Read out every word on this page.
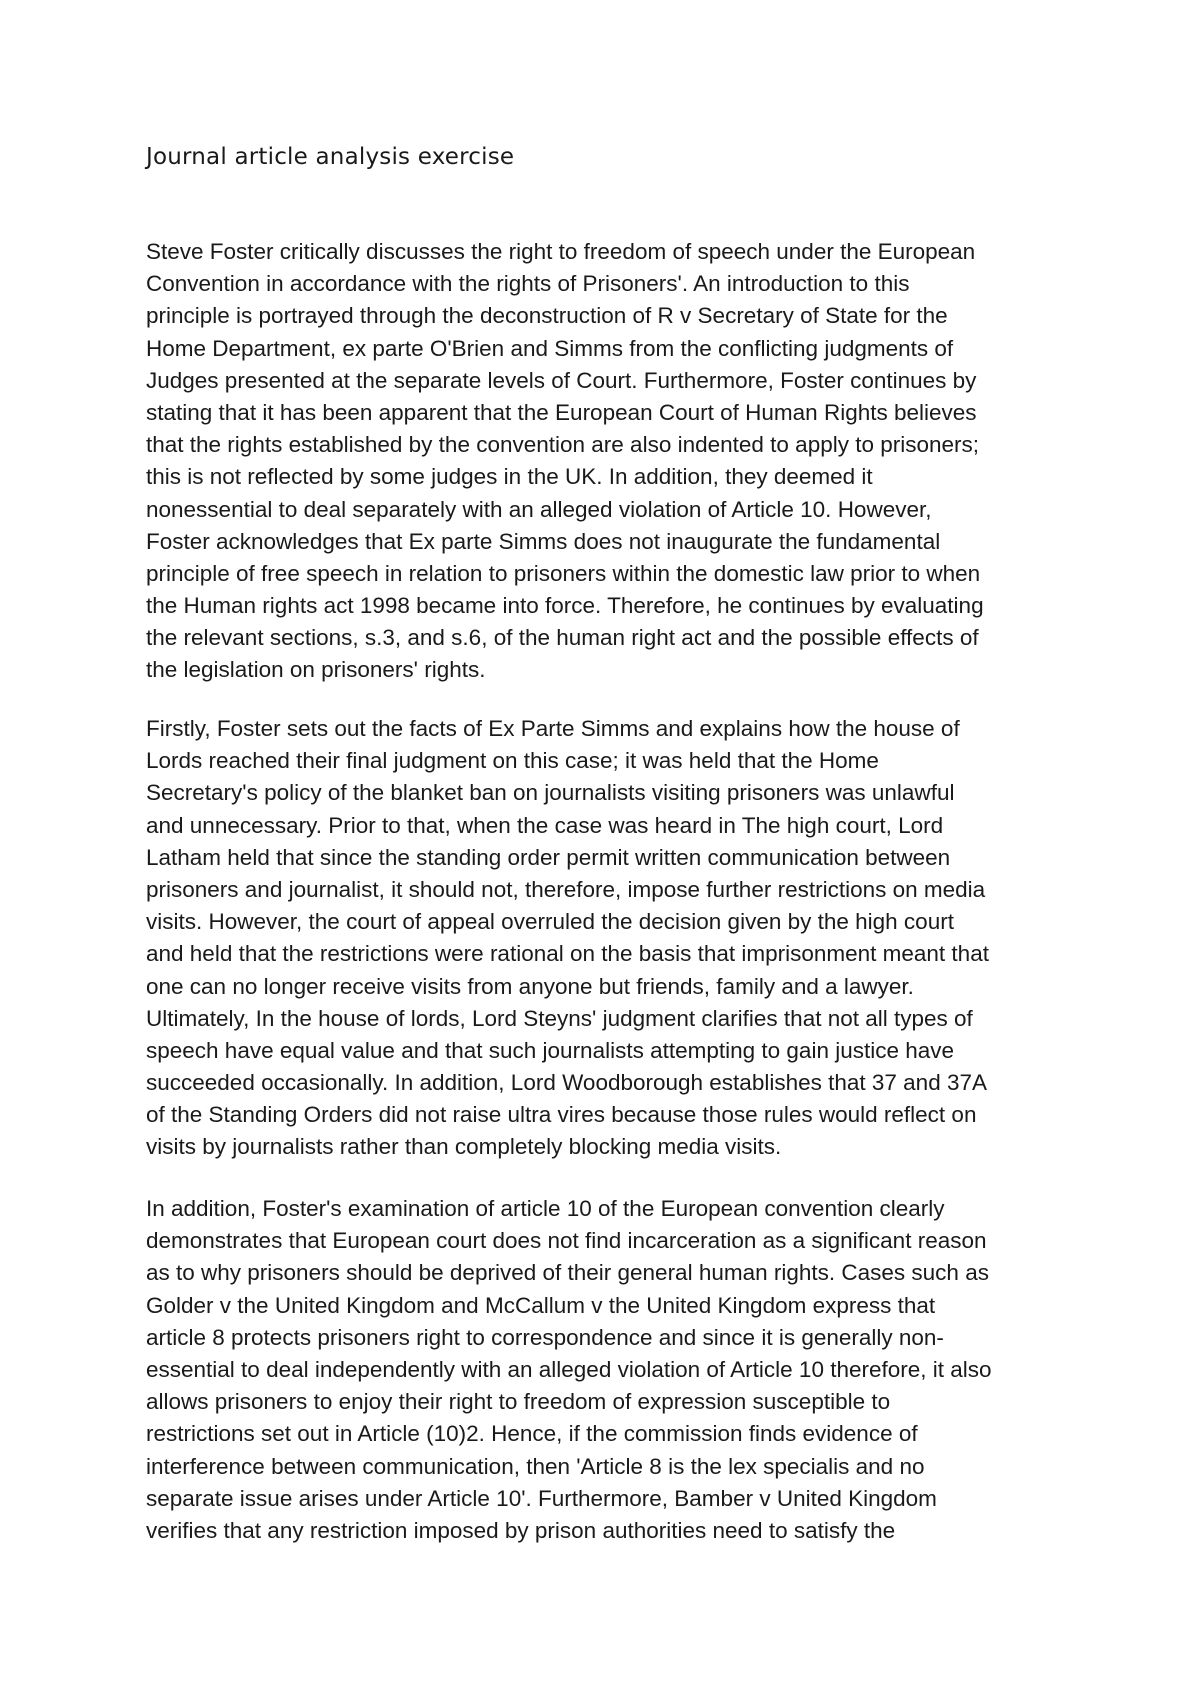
Journal article analysis exercise

Steve Foster critically discusses the right to freedom of speech under the European
Convention in accordance with the rights of Prisoners'. An introduction to this
principle is portrayed through the deconstruction of R v Secretary of State for the
Home Department, ex parte O'Brien and Simms from the conflicting judgments of
Judges presented at the separate levels of Court. Furthermore, Foster continues by
stating that it has been apparent that the European Court of Human Rights believes
that the rights established by the convention are also indented to apply to prisoners;
this is not reflected by some judges in the UK. In addition, they deemed it
nonessential to deal separately with an alleged violation of Article 10. However,
Foster acknowledges that Ex parte Simms does not inaugurate the fundamental
principle of free speech in relation to prisoners within the domestic law prior to when
the Human rights act 1998 became into force. Therefore, he continues by evaluating
the relevant sections, s.3, and s.6, of the human right act and the possible effects of
the legislation on prisoners' rights.

Firstly, Foster sets out the facts of Ex Parte Simms and explains how the house of
Lords reached their final judgment on this case; it was held that the Home
Secretary's policy of the blanket ban on journalists visiting prisoners was unlawful
and unnecessary. Prior to that, when the case was heard in The high court, Lord
Latham held that since the standing order permit written communication between
prisoners and journalist, it should not, therefore, impose further restrictions on media
visits. However, the court of appeal overruled the decision given by the high court
and held that the restrictions were rational on the basis that imprisonment meant that
one can no longer receive visits from anyone but friends, family and a lawyer.
Ultimately, In the house of lords, Lord Steyns' judgment clarifies that not all types of
speech have equal value and that such journalists attempting to gain justice have
succeeded occasionally. In addition, Lord Woodborough establishes that 37 and 37A
of the Standing Orders did not raise ultra vires because those rules would reflect on
visits by journalists rather than completely blocking media visits.

In addition, Foster's examination of article 10 of the European convention clearly
demonstrates that European court does not find incarceration as a significant reason
as to why prisoners should be deprived of their general human rights. Cases such as
Golder v the United Kingdom and McCallum v the United Kingdom express that
article 8 protects prisoners right to correspondence and since it is generally non-
essential to deal independently with an alleged violation of Article 10 therefore, it also
allows prisoners to enjoy their right to freedom of expression susceptible to
restrictions set out in Article (10)2. Hence, if the commission finds evidence of
interference between communication, then 'Article 8 is the lex specialis and no
separate issue arises under Article 10'. Furthermore, Bamber v United Kingdom
verifies that any restriction imposed by prison authorities need to satisfy the
